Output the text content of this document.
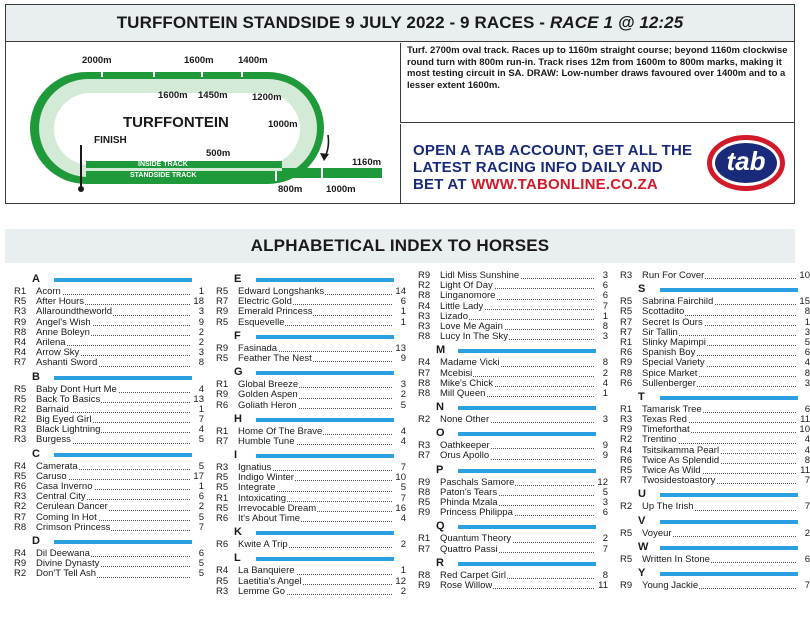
TURFFONTEIN STANDSIDE 9 JULY 2022 - 9 RACES - RACE 1 @ 12:25
2000m	1600m	1400m
1600m 1450m	1200m
1000m
500m
1160m
800m 1000m
TURFFONTEIN
FINISH
INSIDE TRACK
STANDSIDE TRACK
Turf. 2700m oval track. Races up to 1160m straight course; beyond 1160m clockwise round turn with 800m run-in. Track rises 12m from 1600m to 800m marks, making it most testing circuit in SA. DRAW: Low-number draws favoured over 1400m and to a lesser extent 1600m.
OPEN A TAB ACCOUNT, GET ALL THE
LATEST RACING INFO DAILY AND
BET AT WWW.TABONLINE.CO.ZA
tab
ALPHABETICAL INDEX TO HORSES
A
R1	Acorn	1
R5	After Hours	18
R3	Allaroundtheworld	3
R9	Angel's Wish	9
R8	Anne Boleyn	2
R4	Arilena	2
R4	Arrow Sky	3
R7	Ashanti Sword	8
B
R5	Baby Dont Hurt Me	4
R5	Back To Basics	13
R2	Barnaid	1
R2	Big Eyed Girl	7
R3	Black Lightning	4
R3	Burgess	5
C
R4	Camerata	5
R5	Caruso	17
R6	Casa Inverno	1
R3	Central City	6
R2	Cerulean Dancer	2
R7	Coming In Hot	5
R8	Crimson Princess	7
D
R4	Dil Deewana	6
R9	Divine Dynasty	5
R2	Don'T Tell Ash	5
E
R5	Edward Longshanks	14
R7	Electric Gold	6
R9	Emerald Princess	1
R5	Esquevelle	1
F
R9	Fasinada	13
R5	Feather The Nest	9
G
R1	Global Breeze	3
R9	Golden Aspen	2
R6	Goliath Heron	5
H
R1	Home Of The Brave	4
R7	Humble Tune	4
I
R3	Ignatius	7
R5	Indigo Winter	10
R5	Integrate	5
R1	Intoxicating	7
R5	Irrevocable Dream	16
R6	It's About Time	4
K
R6	Kwite A Trip	2
L
R4	La Banquiere	1
R5	Laetitia's Angel	12
R3	Lemme Go	2
R9	Lidl Miss Sunshine	3
R2	Light Of Day	6
R8	Linganomore	6
R4	Little Lady	7
R3	Lizado	1
R3	Love Me Again	8
R8	Lucy In The Sky	3
M
R4	Madame Vicki	8
R7	Mcebisi	2
R8	Mike's Chick	4
R8	Mill Queen	1
N
R2	None Other	3
O
R3	Oathkeeper	9
R7	Orus Apollo	9
P
R9	Paschals Samore	12
R8	Paton's Tears	5
R5	Phinda Mzala	3
R9	Princess Philippa	6
Q
R1	Quantum Theory	2
R7	Quattro Passi	7
R
R8	Red Carpet Girl	8
R9	Rose Willow	11
R3	Run For Cover	10
S
R5	Sabrina Fairchild	15
R5	Scottadito	8
R7	Secret Is Ours	1
R7	Sir Tallin	3
R1	Slinky Mapimpi	5
R6	Spanish Boy	6
R9	Special Variety	4
R8	Spice Market	8
R6	Sullenberger	3
T
R1	Tamarisk Tree	6
R3	Texas Red	11
R9	Timeforthat	10
R2	Trentino	4
R4	Tsitsikamma Pearl	4
R6	Twice As Splendid	8
R5	Twice As Wild	11
R7	Twosidestoastory	7
U
R2	Up The Irish	7
V
R5	Voyeur	2
W
R5	Written In Stone	6
Y
R9	Young Jackie	7
